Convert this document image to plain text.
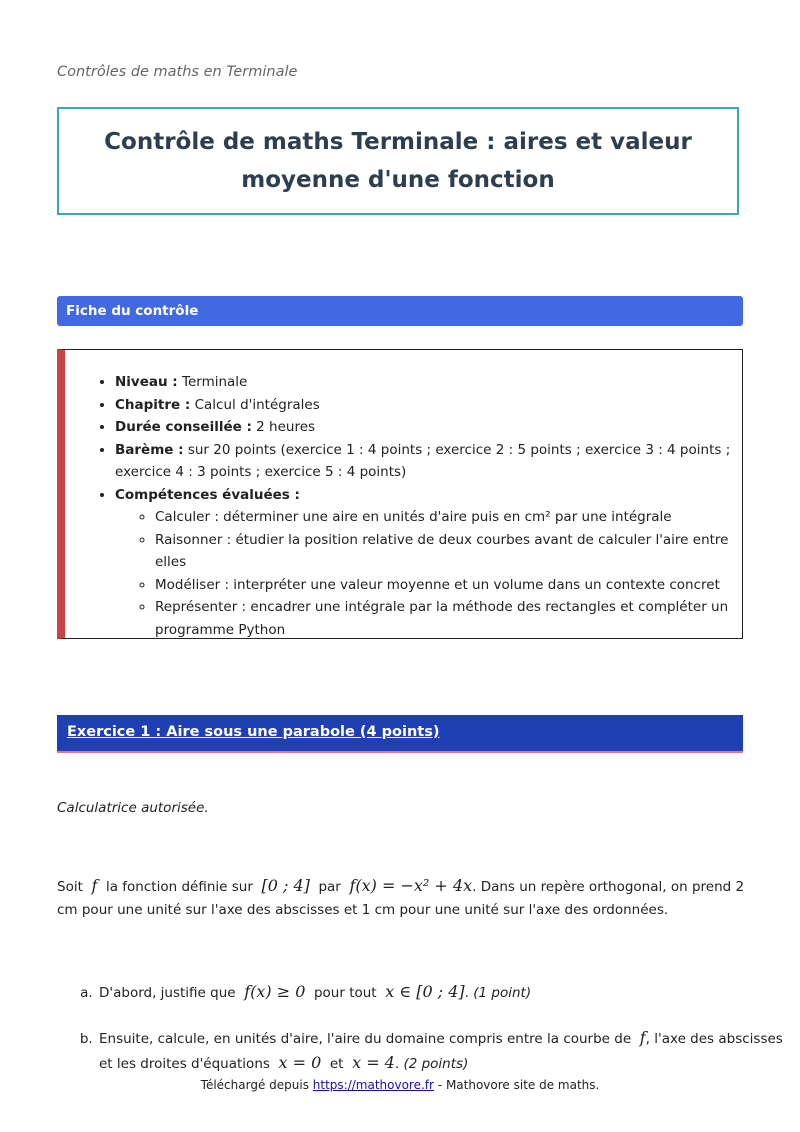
Contrôles de maths en Terminale
Contrôle de maths Terminale : aires et valeur moyenne d'une fonction
Fiche du contrôle
• Niveau : Terminale
• Chapitre : Calcul d'intégrales
• Durée conseillée : 2 heures
• Barème : sur 20 points (exercice 1 : 4 points ; exercice 2 : 5 points ; exercice 3 : 4 points ; exercice 4 : 3 points ; exercice 5 : 4 points)
• Compétences évaluées :
◦ Calculer : déterminer une aire en unités d'aire puis en cm² par une intégrale
◦ Raisonner : étudier la position relative de deux courbes avant de calculer l'aire entre elles
◦ Modéliser : interpréter une valeur moyenne et un volume dans un contexte concret
◦ Représenter : encadrer une intégrale par la méthode des rectangles et compléter un programme Python
Exercice 1 : Aire sous une parabole (4 points)
Calculatrice autorisée.
Soit f la fonction définie sur [0 ; 4] par f(x) = −x² + 4x. Dans un repère orthogonal, on prend 2 cm pour une unité sur l'axe des abscisses et 1 cm pour une unité sur l'axe des ordonnées.
a. D'abord, justifie que f(x) ≥ 0 pour tout x ∈ [0 ; 4]. (1 point)
b. Ensuite, calcule, en unités d'aire, l'aire du domaine compris entre la courbe de f, l'axe des abscisses et les droites d'équations x = 0 et x = 4. (2 points)
Téléchargé depuis https://mathovore.fr - Mathovore site de maths.
